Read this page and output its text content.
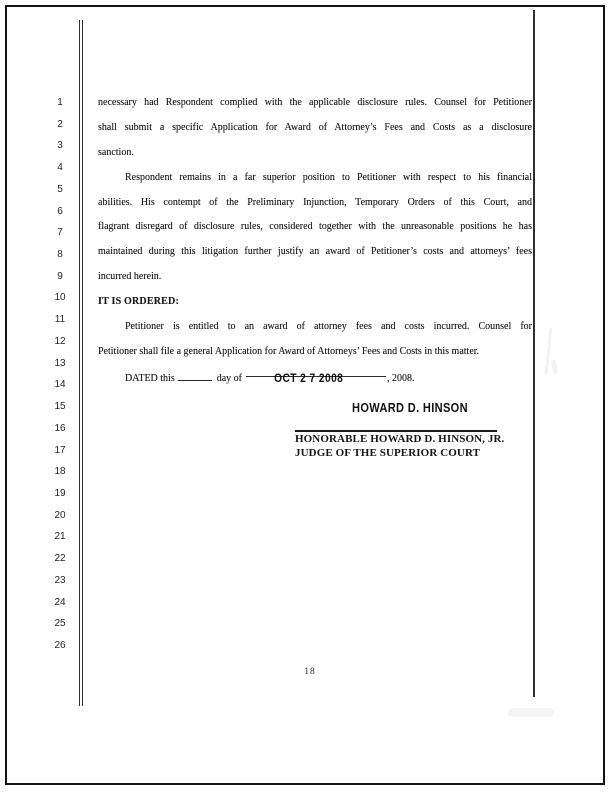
1
2
3
4
5
6
7
8
9
10
11
12
13
14
15
16
17
18
19
20
21
22
23
24
25
26
necessary had Respondent complied with the applicable disclosure rules. Counsel for Petitioner
shall submit a specific Application for Award of Attorney’s Fees and Costs as a disclosure
sanction.
Respondent remains in a far superior position to Petitioner with respect to his financial
abilities. His contempt of the Preliminary Injunction, Temporary Orders of this Court, and
flagrant disregard of disclosure rules, considered together with the unreasonable positions he has
maintained during this litigation further justify an award of Petitioner’s costs and attorneys’ fees
incurred herein.
IT IS ORDERED:
Petitioner is entitled to an award of attorney fees and costs incurred. Counsel for
Petitioner shall file a general Application for Award of Attorneys’ Fees and Costs in this matter.
DATED this	day of	OCT 2 7 2008	, 2008.
HOWARD D. HINSON
HONORABLE HOWARD D. HINSON, JR.
JUDGE OF THE SUPERIOR COURT
18
